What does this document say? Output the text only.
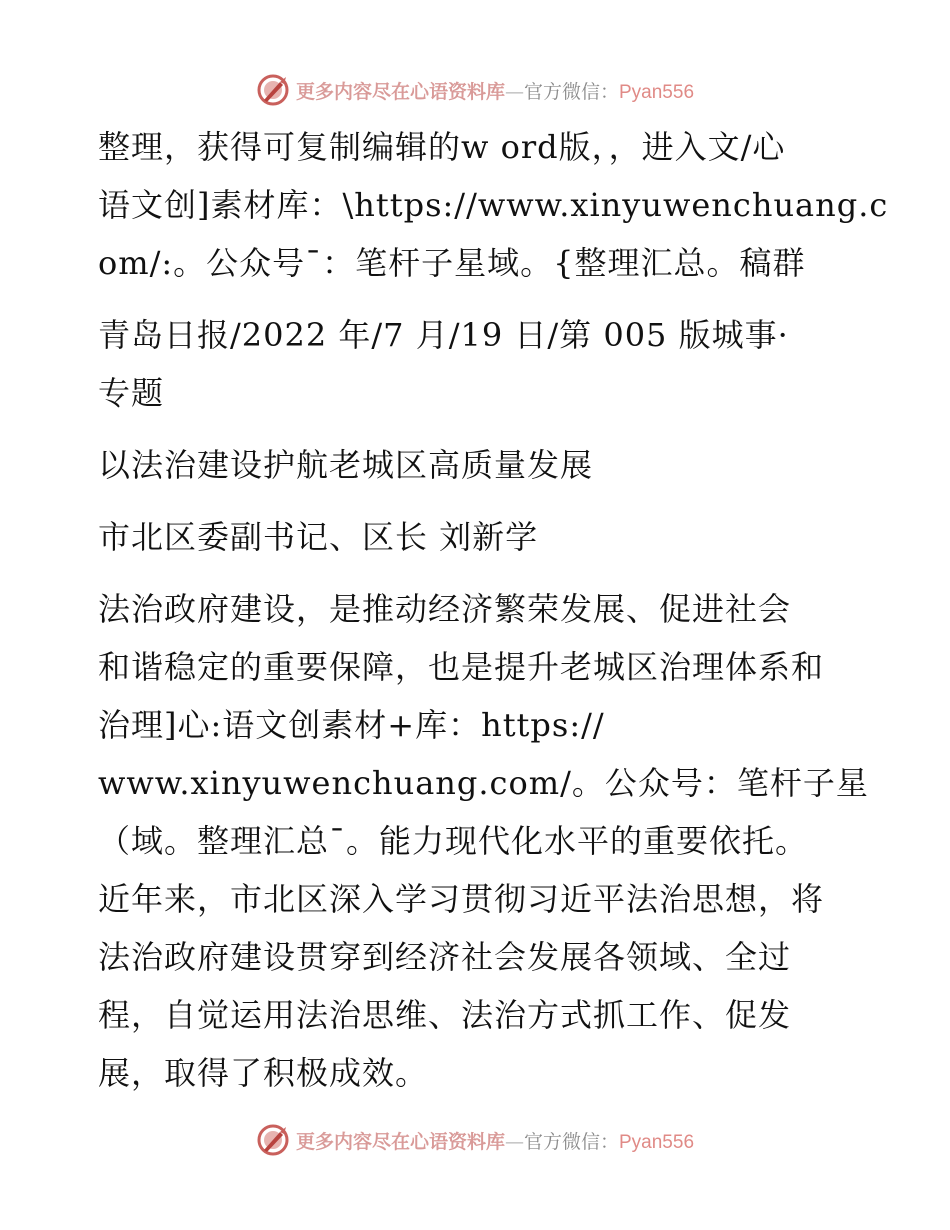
更多内容尽在心语资料库—官方微信：Pyan556
整理，获得可复制编辑的w ord版，，进入文/心
语文创]素材库：\https://www.xinyuwenchuang.c
om/:。公众号¯：笔杆子星域。{整理汇总。稿群
青岛日报/2022 年/7 月/19 日/第 005 版城事·
专题
以法治建设护航老城区高质量发展
市北区委副书记、区长 刘新学
法治政府建设，是推动经济繁荣发展、促进社会
和谐稳定的重要保障，也是提升老城区治理体系和
治理]心:语文创素材+库：https://
www.xinyuwenchuang.com/。公众号：笔杆子星
（域。整理汇总¯。能力现代化水平的重要依托。
近年来，市北区深入学习贯彻习近平法治思想，将
法治政府建设贯穿到经济社会发展各领域、全过
程，自觉运用法治思维、法治方式抓工作、促发
展，取得了积极成效。
更多内容尽在心语资料库—官方微信：Pyan556
